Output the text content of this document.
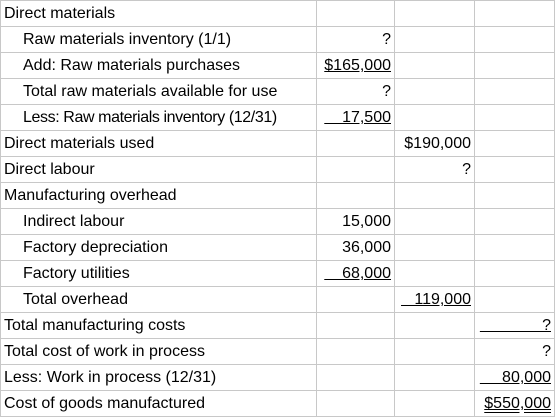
Direct materials			
Raw materials inventory (1/1)	?		
Add: Raw materials purchases	$165,000		
Total raw materials available for use	?		
Less: Raw materials inventory (12/31)	17,500		
Direct materials used		$190,000	
Direct labour		?	
Manufacturing overhead			
Indirect labour	15,000		
Factory depreciation	36,000		
Factory utilities	68,000		
Total overhead		119,000	
Total manufacturing costs			?
Total cost of work in process			?
Less: Work in process (12/31)			80,000
Cost of goods manufactured			$550,000
